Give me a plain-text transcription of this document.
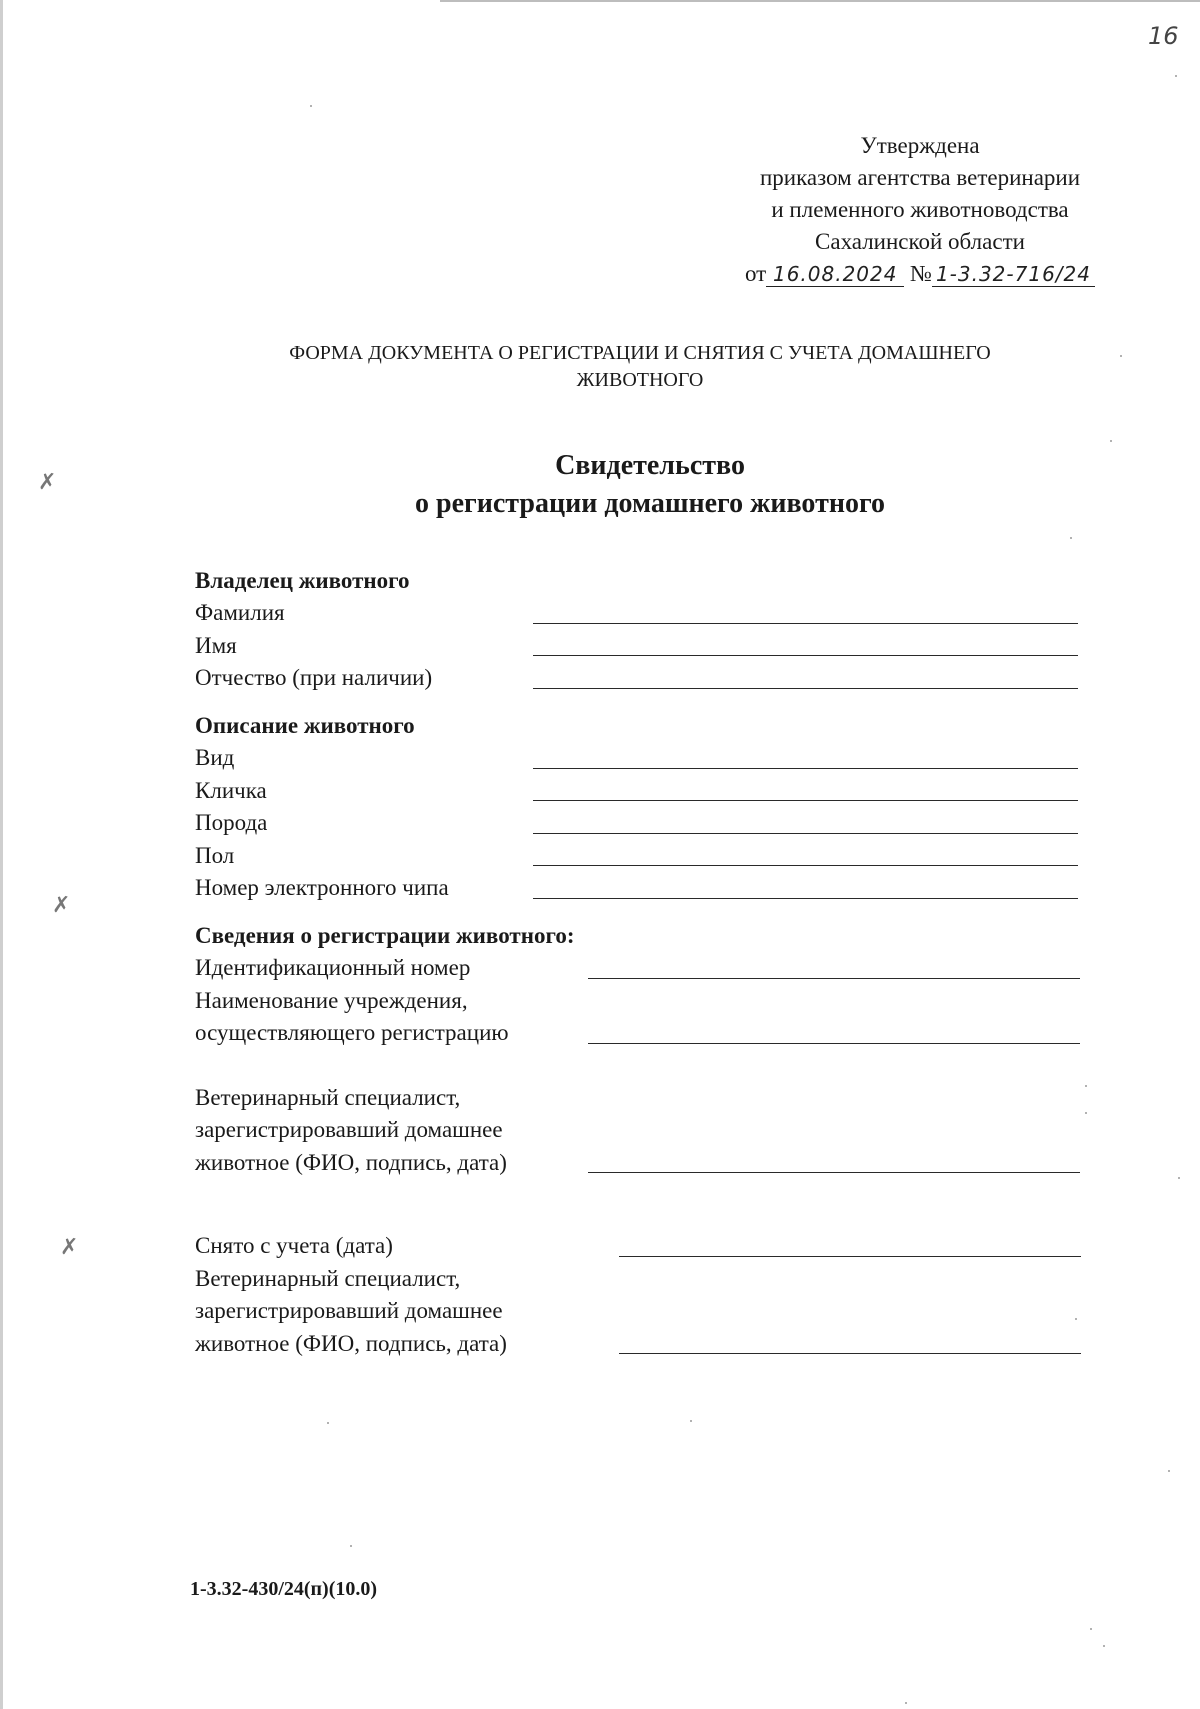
16
Утверждена
приказом агентства ветеринарии
и племенного животноводства
Сахалинской области
от 16.08.2024 № 1-3.32-716/24
ФОРМА ДОКУМЕНТА О РЕГИСТРАЦИИ И СНЯТИЯ С УЧЕТА ДОМАШНЕГО
ЖИВОТНОГО
Свидетельство
о регистрации домашнего животного
Владелец животного
Фамилия
Имя
Отчество (при наличии)
Описание животного
Вид
Кличка
Порода
Пол
Номер электронного чипа
Сведения о регистрации животного:
Идентификационный номер
Наименование учреждения,
осуществляющего регистрацию
Ветеринарный специалист,
зарегистрировавший домашнее
животное (ФИО, подпись, дата)
Снято с учета (дата)
Ветеринарный специалист,
зарегистрировавший домашнее
животное (ФИО, подпись, дата)
1-3.32-430/24(п)(10.0)
✗
✗
✗
